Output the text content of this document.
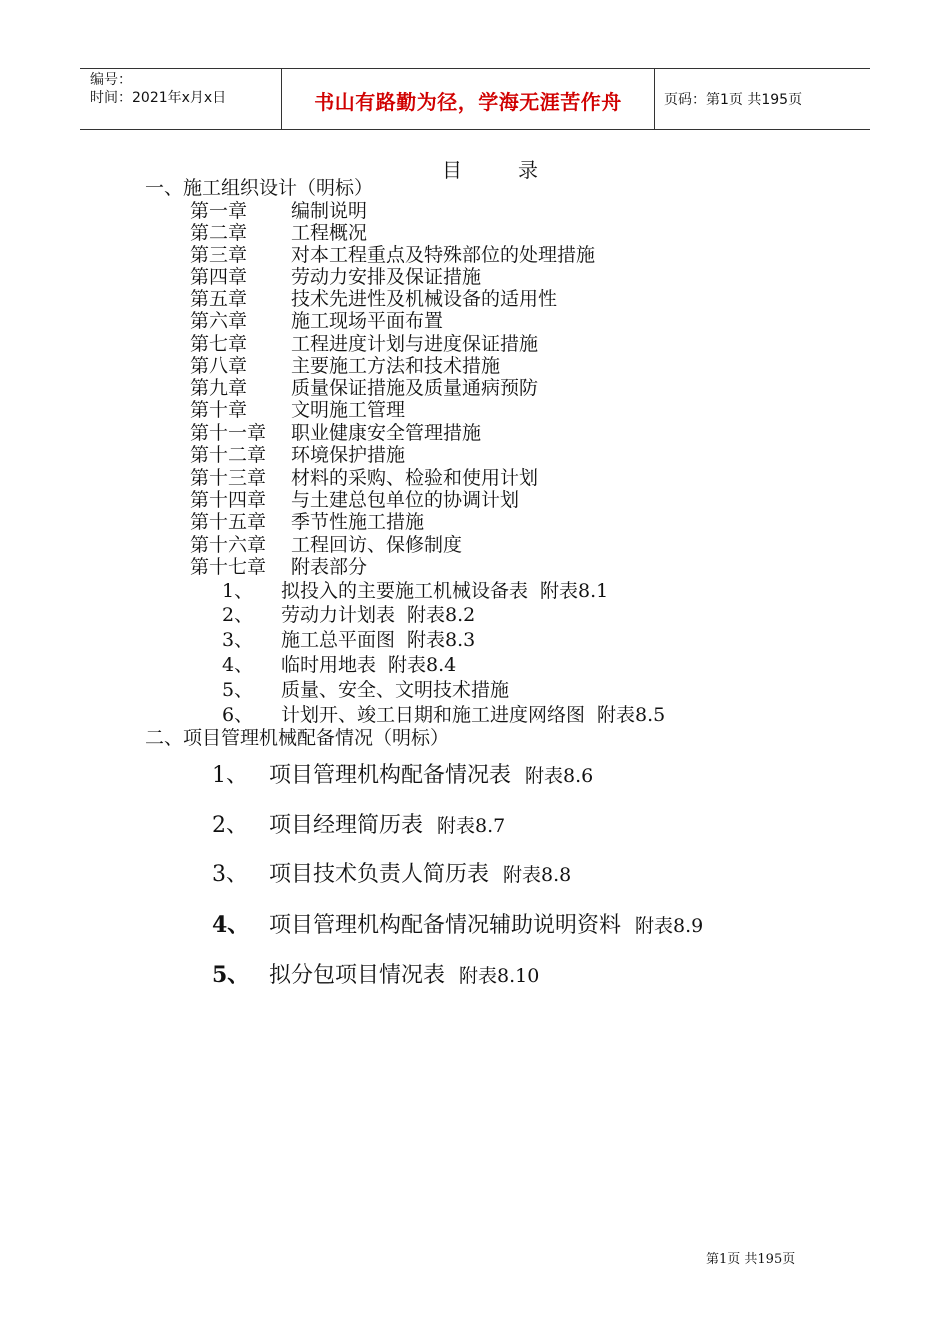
编号：
时间：2021年x月x日	书山有路勤为径，学海无涯苦作舟	页码：第1页 共195页
目　录
一、施工组织设计（明标）
第一章 编制说明
第二章 工程概况
第三章 对本工程重点及特殊部位的处理措施
第四章 劳动力安排及保证措施
第五章 技术先进性及机械设备的适用性
第六章 施工现场平面布置
第七章 工程进度计划与进度保证措施
第八章 主要施工方法和技术措施
第九章 质量保证措施及质量通病预防
第十章 文明施工管理
第十一章 职业健康安全管理措施
第十二章 环境保护措施
第十三章 材料的采购、检验和使用计划
第十四章 与土建总包单位的协调计划
第十五章 季节性施工措施
第十六章 工程回访、保修制度
第十七章 附表部分
1、 拟投入的主要施工机械设备表 附表8.1
2、 劳动力计划表 附表8.2
3、 施工总平面图 附表8.3
4、 临时用地表 附表8.4
5、 质量、安全、文明技术措施
6、 计划开、竣工日期和施工进度网络图 附表8.5
二、项目管理机械配备情况（明标）
1、 项目管理机构配备情况表 附表8.6
2、 项目经理简历表 附表8.7
3、 项目技术负责人简历表 附表8.8
4、 项目管理机构配备情况辅助说明资料 附表8.9
5、 拟分包项目情况表 附表8.10
第1页 共195页
